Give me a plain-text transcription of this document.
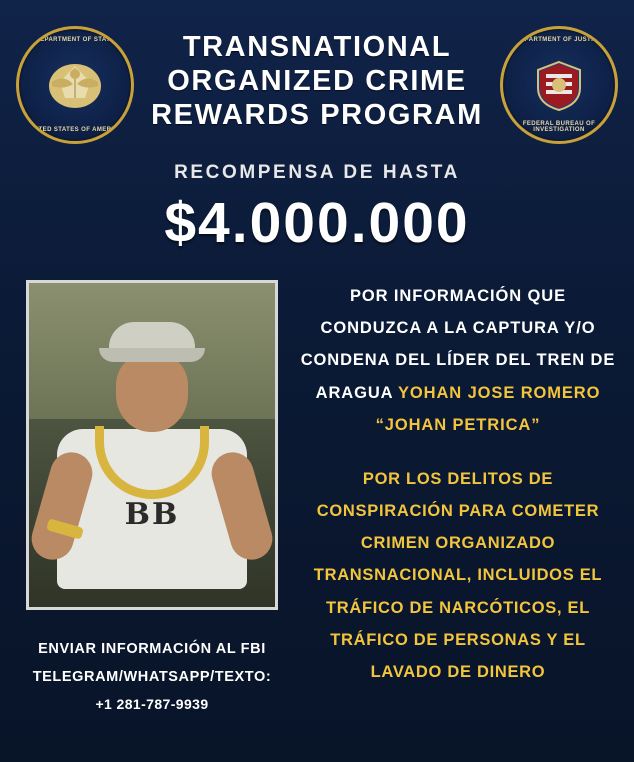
DEPARTMENT OF STATE
UNITED STATES OF AMERICA
TRANSNATIONAL
ORGANIZED CRIME
REWARDS PROGRAM
DEPARTMENT OF JUSTICE
FEDERAL BUREAU OF INVESTIGATION
RECOMPENSA DE HASTA
$4.000.000
BB
ENVIAR INFORMACIÓN AL FBI
TELEGRAM/WHATSAPP/TEXTO:
+1 281-787-9939
POR INFORMACIÓN QUE CONDUZCA A LA CAPTURA Y/O CONDENA DEL LÍDER DEL TREN DE ARAGUA YOHAN JOSE ROMERO “JOHAN PETRICA”
POR LOS DELITOS DE CONSPIRACIÓN PARA COMETER CRIMEN ORGANIZADO TRANSNACIONAL, INCLUIDOS EL TRÁFICO DE NARCÓTICOS, EL TRÁFICO DE PERSONAS Y EL LAVADO DE DINERO
